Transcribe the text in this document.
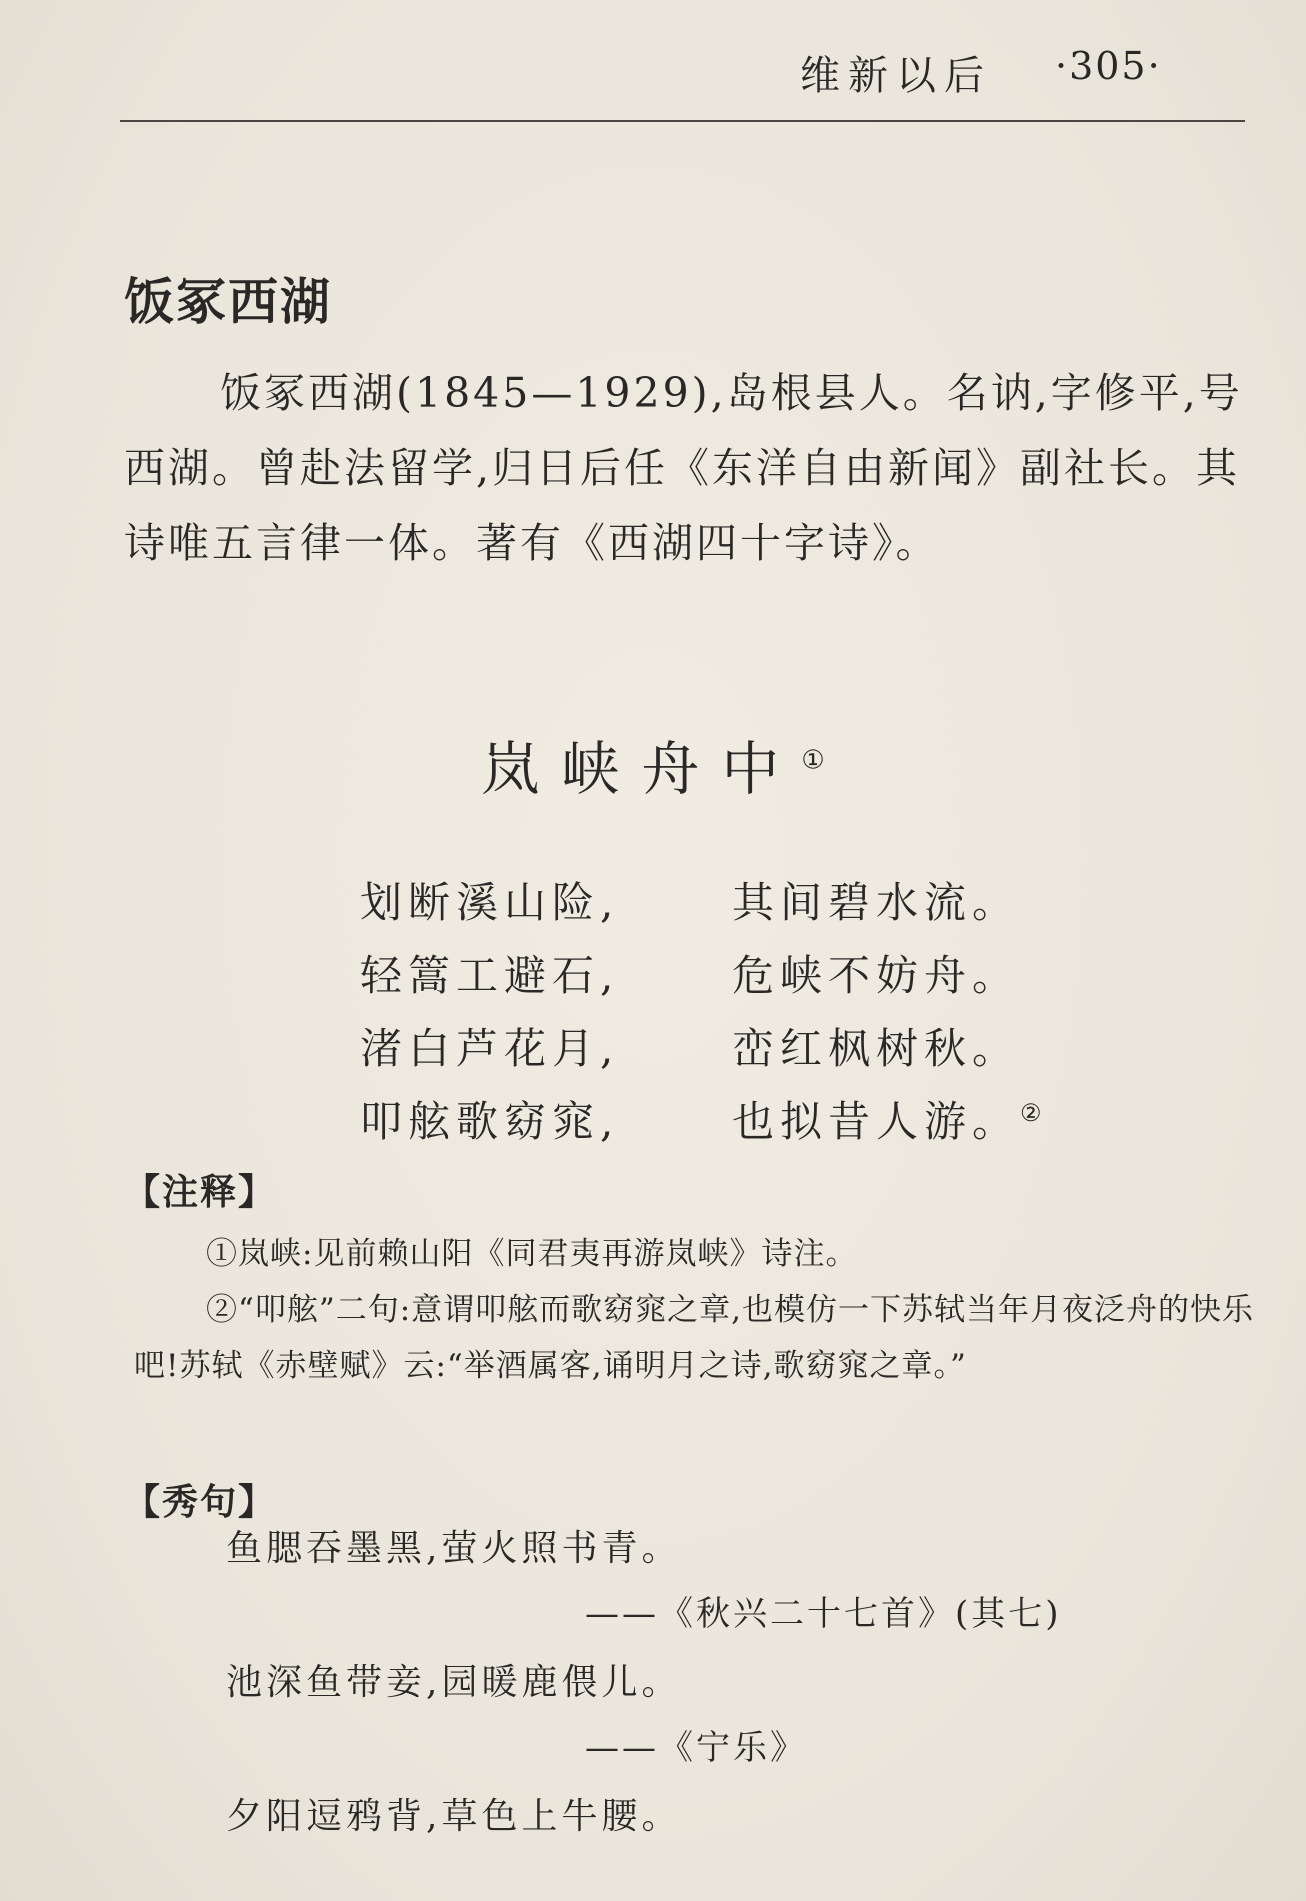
维新以后 ·305·
饭冢西湖

饭冢西湖(1845—1929),岛根县人。名讷,字修平,号西湖。曾赴法留学,归日后任《东洋自由新闻》副社长。其诗唯五言律一体。著有《西湖四十字诗》。

岚峡舟中①
划断溪山险,	其间碧水流。
轻篙工避石,	危峡不妨舟。
渚白芦花月,	峦红枫树秋。
叩舷歌窈窕,	也拟昔人游。②
【注释】

①岚峡:见前赖山阳《同君夷再游岚峡》诗注。

②“叩舷”二句:意谓叩舷而歌窈窕之章,也模仿一下苏轼当年月夜泛舟的快乐吧!苏轼《赤壁赋》云:“举酒属客,诵明月之诗,歌窈窕之章。”

【秀句】
鱼腮吞墨黑,萤火照书青。
——《秋兴二十七首》(其七)
池深鱼带妾,园暖鹿偎儿。
——《宁乐》
夕阳逗鸦背,草色上牛腰。
